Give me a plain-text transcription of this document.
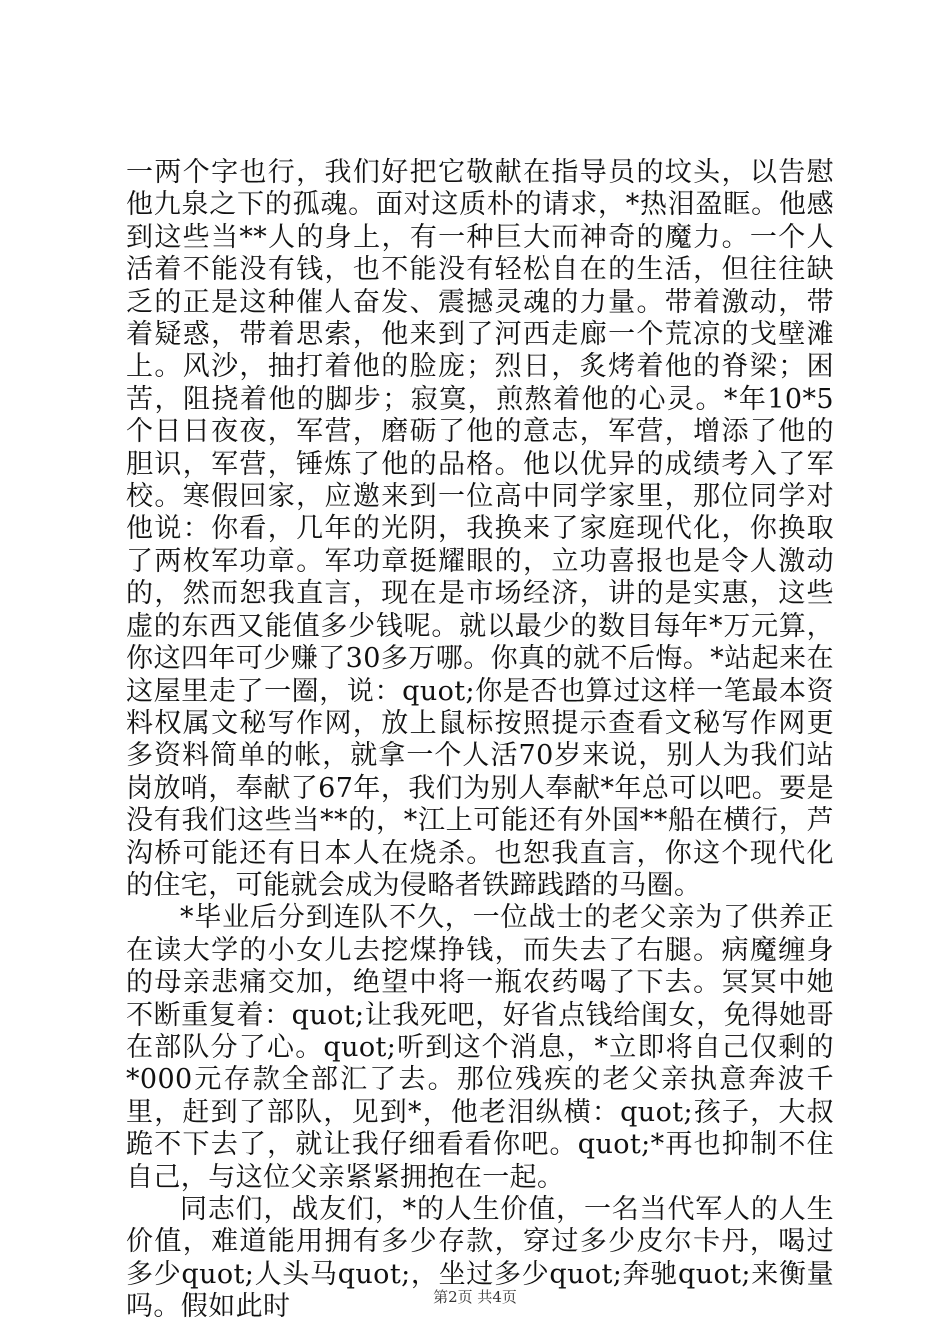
一两个字也行，我们好把它敬献在指导员的坟头，以告慰他九泉之下的孤魂。面对这质朴的请求，*热泪盈眶。他感到这些当**人的身上，有一种巨大而神奇的魔力。一个人活着不能没有钱，也不能没有轻松自在的生活，但往往缺乏的正是这种催人奋发、震撼灵魂的力量。带着激动，带着疑惑，带着思索，他来到了河西走廊一个荒凉的戈壁滩上。风沙，抽打着他的脸庞；烈日，炙烤着他的脊梁；困苦，阻挠着他的脚步；寂寞，煎熬着他的心灵。*年10*5个日日夜夜，军营，磨砺了他的意志，军营，增添了他的胆识，军营，锤炼了他的品格。他以优异的成绩考入了军校。寒假回家，应邀来到一位高中同学家里，那位同学对他说：你看，几年的光阴，我换来了家庭现代化，你换取了两枚军功章。军功章挺耀眼的，立功喜报也是令人激动的，然而恕我直言，现在是市场经济，讲的是实惠，这些虚的东西又能值多少钱呢。就以最少的数目每年*万元算，你这四年可少赚了30多万哪。你真的就不后悔。*站起来在这屋里走了一圈，说：quot;你是否也算过这样一笔最本资料权属文秘写作网，放上鼠标按照提示查看文秘写作网更多资料简单的帐，就拿一个人活70岁来说，别人为我们站岗放哨，奉献了67年，我们为别人奉献*年总可以吧。要是没有我们这些当**的，*江上可能还有外国**船在横行，芦沟桥可能还有日本人在烧杀。也恕我直言，你这个现代化的住宅，可能就会成为侵略者铁蹄践踏的马圈。

*毕业后分到连队不久，一位战士的老父亲为了供养正在读大学的小女儿去挖煤挣钱，而失去了右腿。病魔缠身的母亲悲痛交加，绝望中将一瓶农药喝了下去。冥冥中她不断重复着：quot;让我死吧，好省点钱给闺女，免得她哥在部队分了心。quot;听到这个消息，*立即将自己仅剩的*000元存款全部汇了去。那位残疾的老父亲执意奔波千里，赶到了部队，见到*，他老泪纵横：quot;孩子，大叔跪不下去了，就让我仔细看看你吧。quot;*再也抑制不住自己，与这位父亲紧紧拥抱在一起。

同志们，战友们，*的人生价值，一名当代军人的人生价值，难道能用拥有多少存款，穿过多少皮尔卡丹，喝过多少quot;人头马quot;，坐过多少quot;奔驰quot;来衡量吗。假如此时	第2页 共4页
